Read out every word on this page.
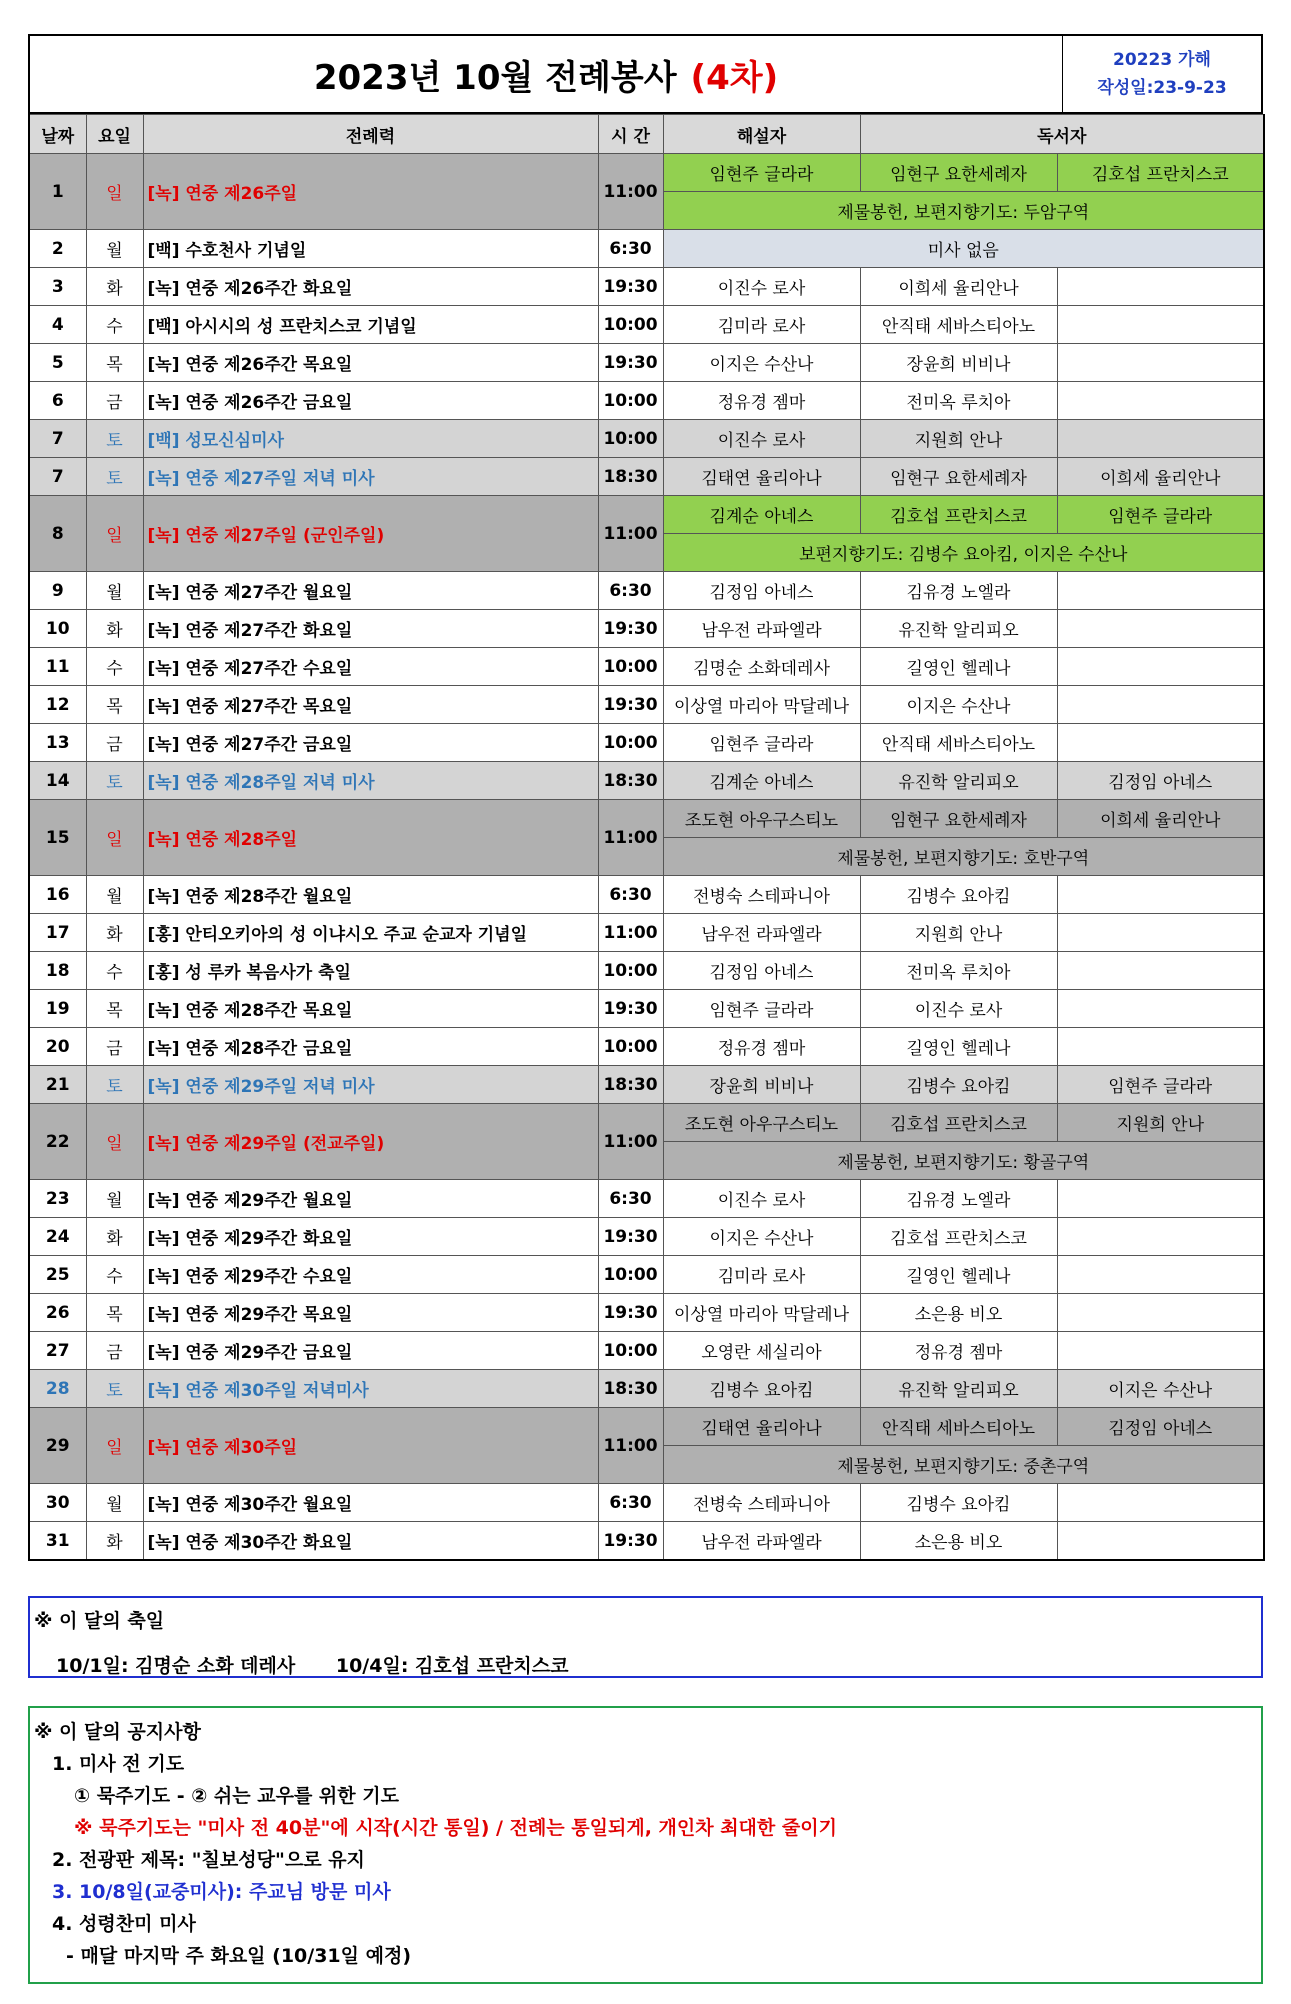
2023년 10월 전례봉사 (4차)	20223 가해
작성일:23-9-23
날짜	요일	전례력	시 간	해설자	독서자	
1	일	[녹] 연중 제26주일	11:00	임현주 글라라	임현구 요한세례자	김호섭 프란치스코
				제물봉헌, 보편지향기도: 두암구역		
2	월	[백] 수호천사 기념일	6:30	미사 없음		
3	화	[녹] 연중 제26주간 화요일	19:30	이진수 로사	이희세 율리안나	
4	수	[백] 아시시의 성 프란치스코 기념일	10:00	김미라 로사	안직태 세바스티아노	
5	목	[녹] 연중 제26주간 목요일	19:30	이지은 수산나	장윤희 비비나	
6	금	[녹] 연중 제26주간 금요일	10:00	정유경 젬마	전미옥 루치아	
7	토	[백] 성모신심미사	10:00	이진수 로사	지원희 안나	
7	토	[녹] 연중 제27주일 저녁 미사	18:30	김태연 율리아나	임현구 요한세례자	이희세 율리안나
8	일	[녹] 연중 제27주일 (군인주일)	11:00	김계순 아네스	김호섭 프란치스코	임현주 글라라
				보편지향기도: 김병수 요아킴, 이지은 수산나		
9	월	[녹] 연중 제27주간 월요일	6:30	김정임 아네스	김유경 노엘라	
10	화	[녹] 연중 제27주간 화요일	19:30	남우전 라파엘라	유진학 알리피오	
11	수	[녹] 연중 제27주간 수요일	10:00	김명순 소화데레사	길영인 헬레나	
12	목	[녹] 연중 제27주간 목요일	19:30	이상열 마리아 막달레나	이지은 수산나	
13	금	[녹] 연중 제27주간 금요일	10:00	임현주 글라라	안직태 세바스티아노	
14	토	[녹] 연중 제28주일 저녁 미사	18:30	김계순 아네스	유진학 알리피오	김정임 아네스
15	일	[녹] 연중 제28주일	11:00	조도현 아우구스티노	임현구 요한세례자	이희세 율리안나
				제물봉헌, 보편지향기도: 호반구역		
16	월	[녹] 연중 제28주간 월요일	6:30	전병숙 스테파니아	김병수 요아킴	
17	화	[홍] 안티오키아의 성 이냐시오 주교 순교자 기념일	11:00	남우전 라파엘라	지원희 안나	
18	수	[홍] 성 루카 복음사가 축일	10:00	김정임 아네스	전미옥 루치아	
19	목	[녹] 연중 제28주간 목요일	19:30	임현주 글라라	이진수 로사	
20	금	[녹] 연중 제28주간 금요일	10:00	정유경 젬마	길영인 헬레나	
21	토	[녹] 연중 제29주일 저녁 미사	18:30	장윤희 비비나	김병수 요아킴	임현주 글라라
22	일	[녹] 연중 제29주일 (전교주일)	11:00	조도현 아우구스티노	김호섭 프란치스코	지원희 안나
				제물봉헌, 보편지향기도: 황골구역		
23	월	[녹] 연중 제29주간 월요일	6:30	이진수 로사	김유경 노엘라	
24	화	[녹] 연중 제29주간 화요일	19:30	이지은 수산나	김호섭 프란치스코	
25	수	[녹] 연중 제29주간 수요일	10:00	김미라 로사	길영인 헬레나	
26	목	[녹] 연중 제29주간 목요일	19:30	이상열 마리아 막달레나	소은용 비오	
27	금	[녹] 연중 제29주간 금요일	10:00	오영란 세실리아	정유경 젬마	
28	토	[녹] 연중 제30주일 저녁미사	18:30	김병수 요아킴	유진학 알리피오	이지은 수산나
29	일	[녹] 연중 제30주일	11:00	김태연 율리아나	안직태 세바스티아노	김정임 아네스
				제물봉헌, 보편지향기도: 중촌구역		
30	월	[녹] 연중 제30주간 월요일	6:30	전병숙 스테파니아	김병수 요아킴	
31	화	[녹] 연중 제30주간 화요일	19:30	남우전 라파엘라	소은용 비오	
※ 이 달의 축일
10/1일: 김명순 소화 데레사 10/4일: 김호섭 프란치스코
※ 이 달의 공지사항
1. 미사 전 기도
① 묵주기도 - ② 쉬는 교우를 위한 기도
※ 묵주기도는 "미사 전 40분"에 시작(시간 통일) / 전례는 통일되게, 개인차 최대한 줄이기
2. 전광판 제목: "칠보성당"으로 유지
3. 10/8일(교중미사): 주교님 방문 미사
4. 성령찬미 미사
- 매달 마지막 주 화요일 (10/31일 예정)
